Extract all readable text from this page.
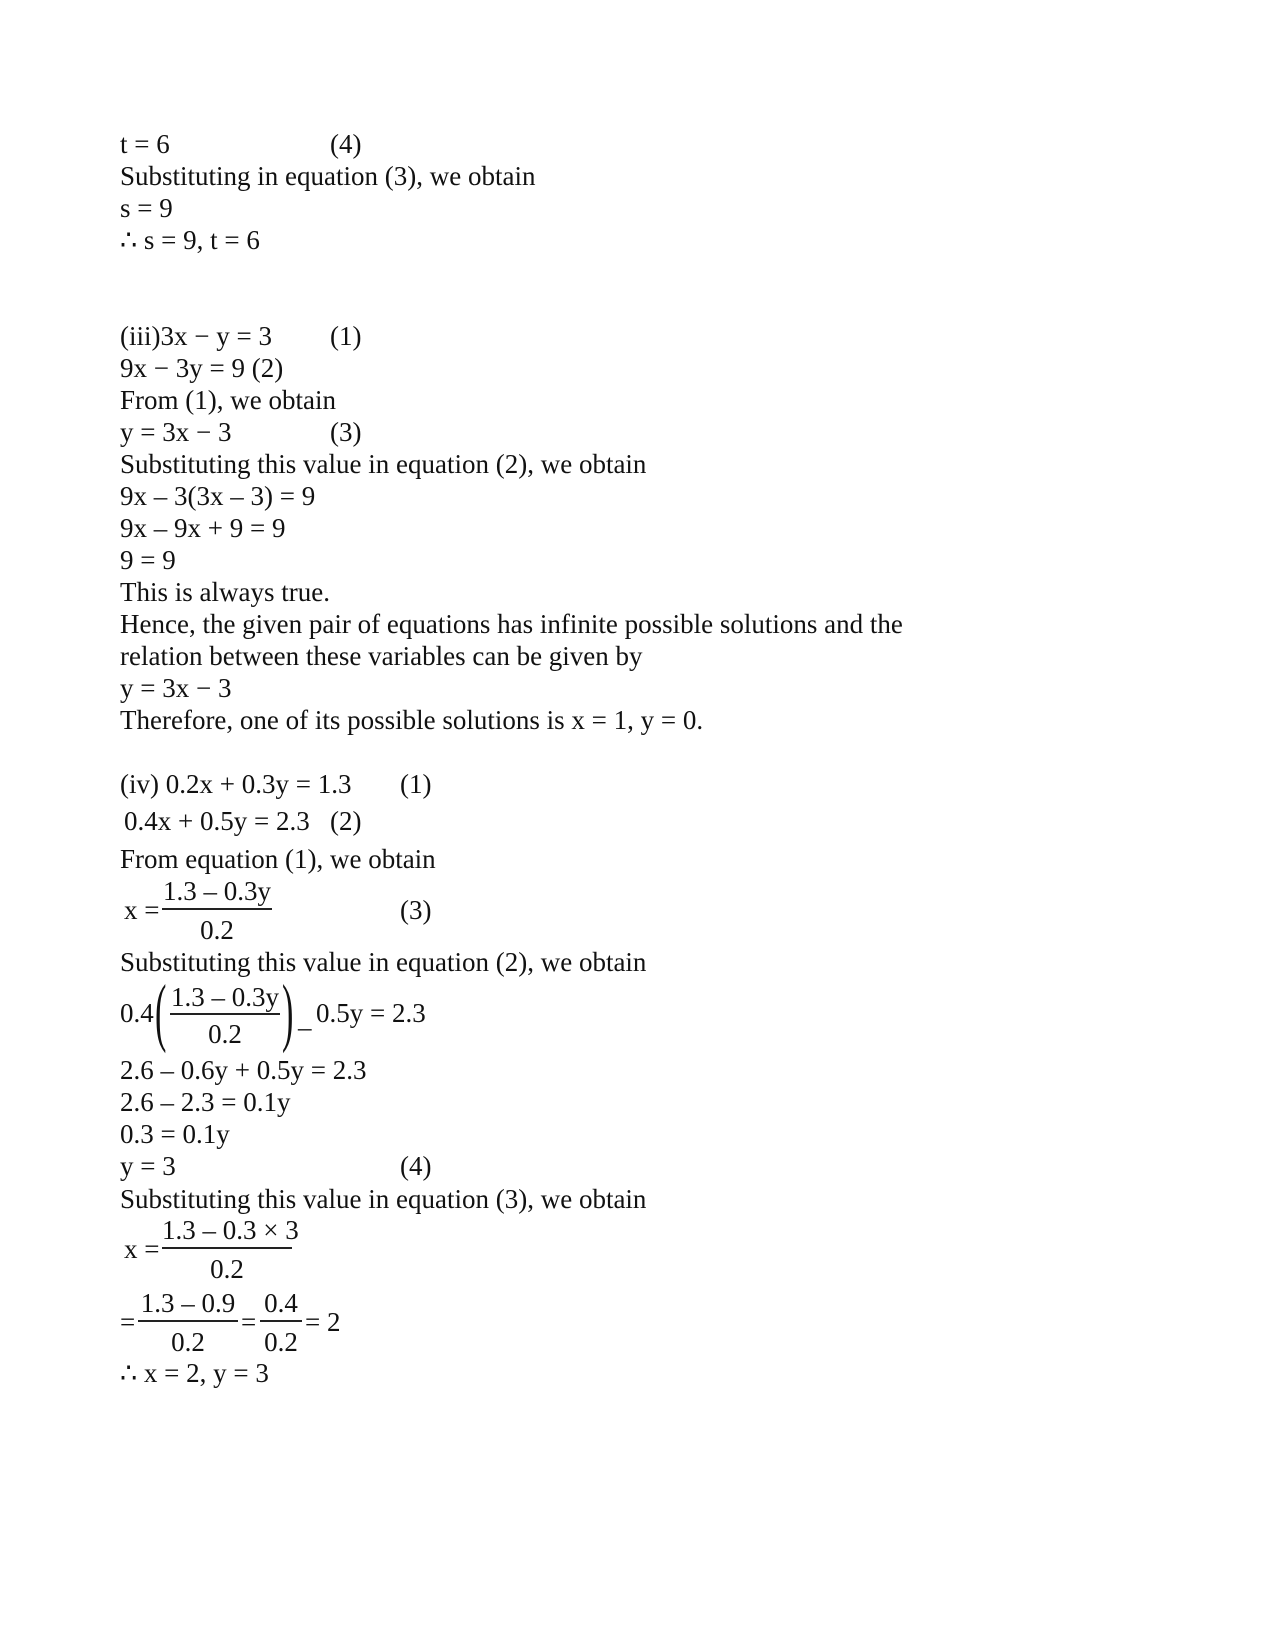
t = 6	(4)
Substituting in equation (3), we obtain
s = 9
∴ s = 9, t = 6
(iii)3x − y = 3 (1)
9x − 3y = 9 (2)
From (1), we obtain
y = 3x − 3	(3)
Substituting this value in equation (2), we obtain
9x – 3(3x – 3) = 9
9x – 9x + 9 = 9
9 = 9
This is always true.
Hence, the given pair of equations has infinite possible solutions and the
relation between these variables can be given by
y = 3x − 3
Therefore, one of its possible solutions is x = 1, y = 0.
(iv) 0.2x + 0.3y = 1.3 (1)
0.4x + 0.5y = 2.3 (2)
From equation (1), we obtain
x =
1.3 – 0.3y
0.2
(3)
Substituting this value in equation (2), we obtain
0.4 ( 1.3 – 0.3y
0.2 ) _ 0.5y = 2.3
2.6 – 0.6y + 0.5y = 2.3
2.6 – 2.3 = 0.1y
0.3 = 0.1y
y = 3	(4)
Substituting this value in equation (3), we obtain
x =
1.3 – 0.3 × 3
0.2
=
1.3 – 0.9
0.2
=
0.4
0.2
= 2
∴ x = 2, y = 3
